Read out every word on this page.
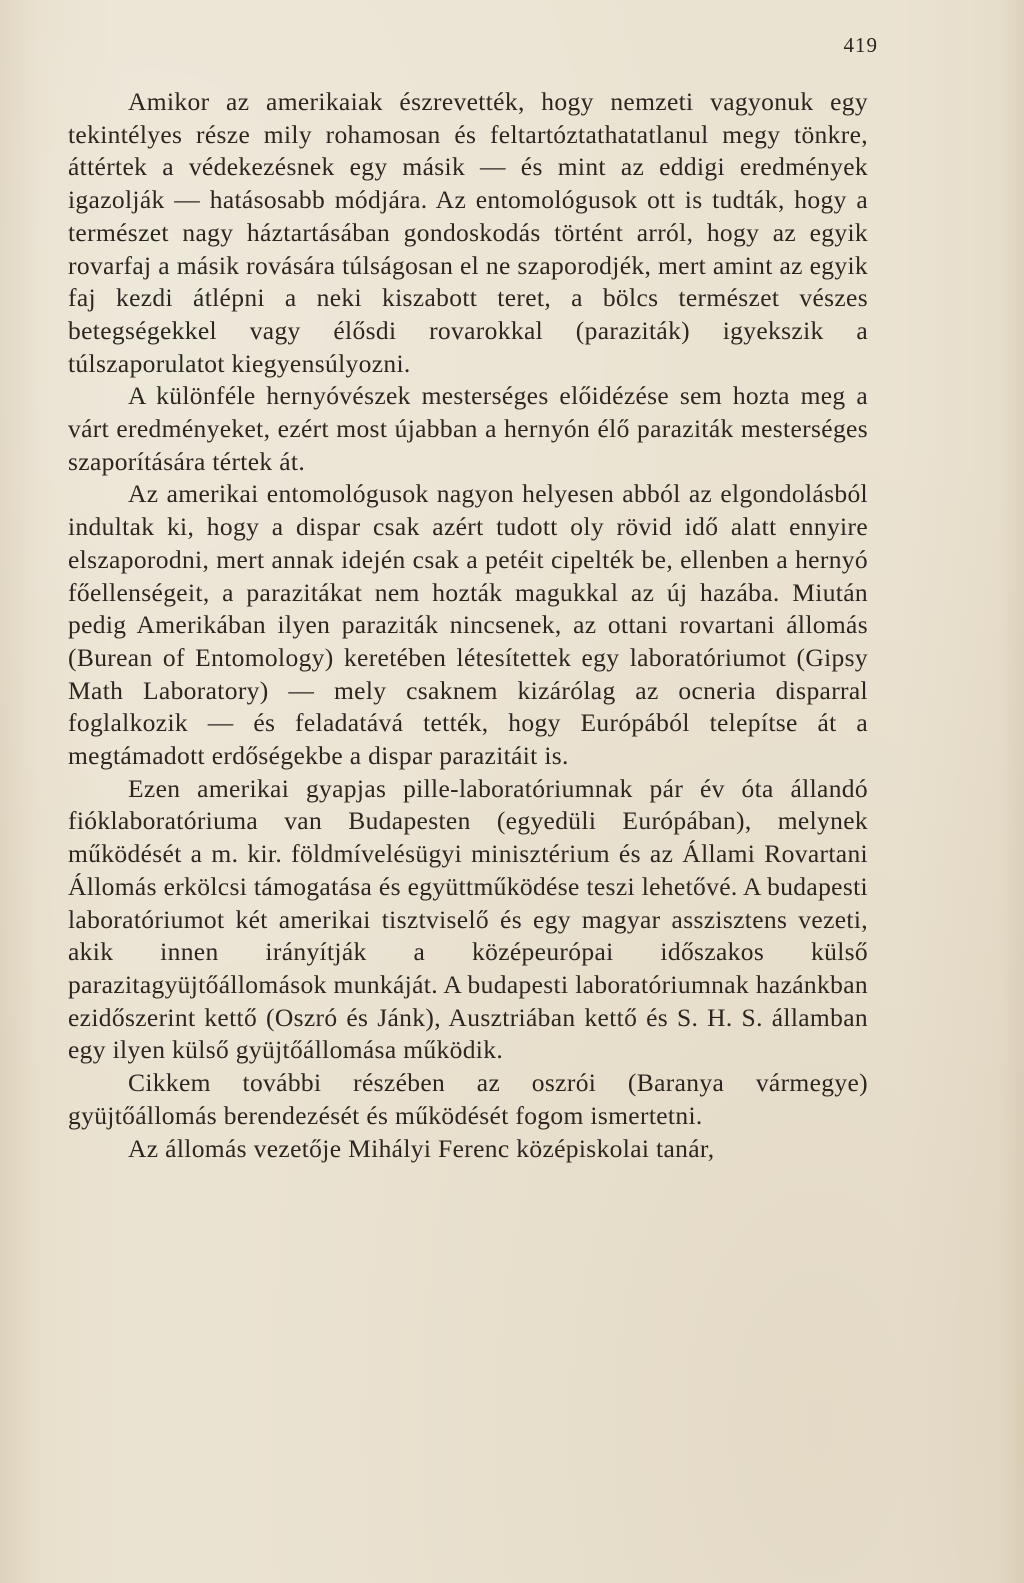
419

Amikor az amerikaiak észrevették, hogy nemzeti vagyonuk egy tekintélyes része mily rohamosan és feltartóztathatatlanul megy tönkre, áttértek a védekezésnek egy másik — és mint az eddigi eredmények igazolják — hatásosabb módjára. Az entomológusok ott is tudták, hogy a természet nagy háztartásában gondoskodás történt arról, hogy az egyik rovarfaj a másik rovására túlságosan el ne szaporodjék, mert amint az egyik faj kezdi átlépni a neki kiszabott teret, a bölcs természet vészes betegségekkel vagy élősdi rovarokkal (paraziták) igyekszik a túlszaporulatot kiegyensúlyozni.

A különféle hernyóvészek mesterséges előidézése sem hozta meg a várt eredményeket, ezért most újabban a hernyón élő paraziták mesterséges szaporítására tértek át.

Az amerikai entomológusok nagyon helyesen abból az elgondolásból indultak ki, hogy a dispar csak azért tudott oly rövid idő alatt ennyire elszaporodni, mert annak idején csak a petéit cipelték be, ellenben a hernyó főellenségeit, a parazitákat nem hozták magukkal az új hazába. Miután pedig Amerikában ilyen paraziták nincsenek, az ottani rovartani állomás (Burean of Entomology) keretében létesítettek egy laboratóriumot (Gipsy Math Laboratory) — mely csaknem kizárólag az ocneria disparral foglalkozik — és feladatává tették, hogy Európából telepítse át a megtámadott erdőségekbe a dispar parazitáit is.

Ezen amerikai gyapjas pille-laboratóriumnak pár év óta állandó fióklaboratóriuma van Budapesten (egyedüli Európában), melynek működését a m. kir. földmívelésügyi minisztérium és az Állami Rovartani Állomás erkölcsi támogatása és együttműködése teszi lehetővé. A budapesti laboratóriumot két amerikai tisztviselő és egy magyar asszisztens vezeti, akik innen irányítják a középeurópai időszakos külső parazitagyüjtőállomások munkáját. A budapesti laboratóriumnak hazánkban ezidőszerint kettő (Oszró és Jánk), Ausztriában kettő és S. H. S. államban egy ilyen külső gyüjtőállomása működik.

Cikkem további részében az oszrói (Baranya vármegye) gyüjtőállomás berendezését és működését fogom ismertetni.

Az állomás vezetője Mihályi Ferenc középiskolai tanár,
